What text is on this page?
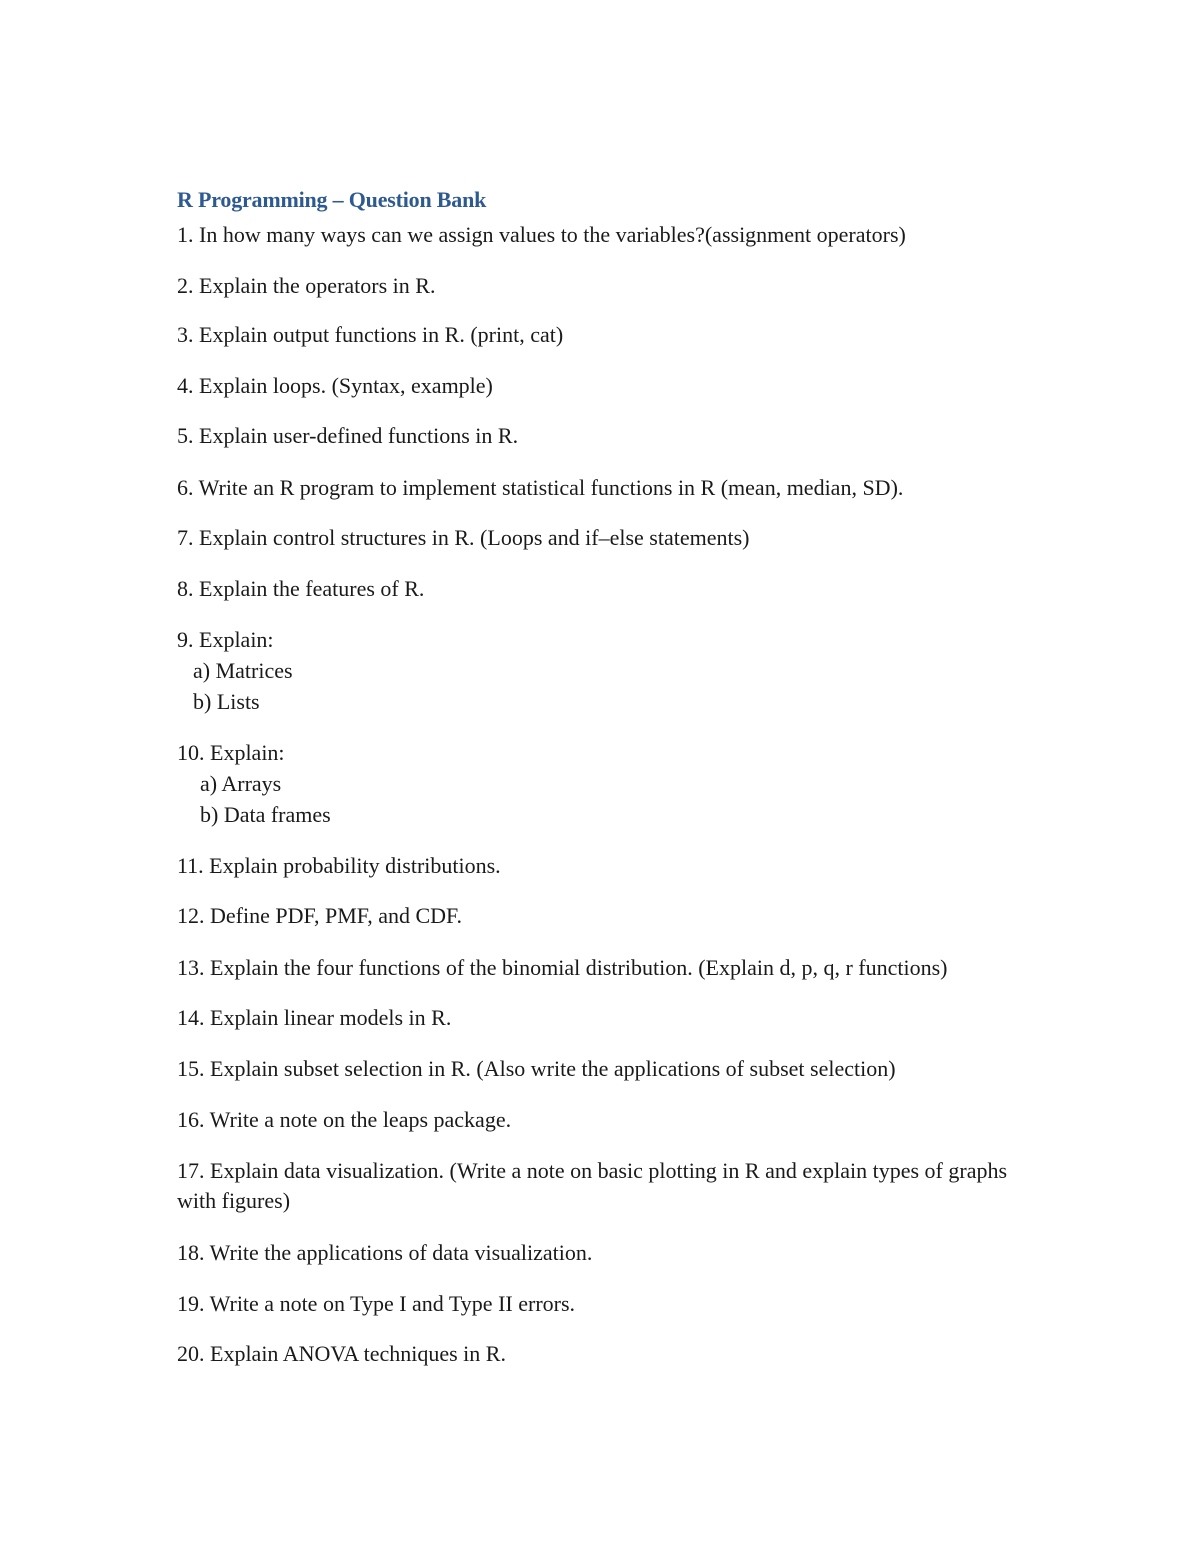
R Programming – Question Bank
1. In how many ways can we assign values to the variables?(assignment operators)
2. Explain the operators in R.
3. Explain output functions in R. (print, cat)
4. Explain loops. (Syntax, example)
5. Explain user-defined functions in R.
6. Write an R program to implement statistical functions in R (mean, median, SD).
7. Explain control structures in R. (Loops and if–else statements)
8. Explain the features of R.
9. Explain:
a) Matrices
b) Lists
10. Explain:
a) Arrays
b) Data frames
11. Explain probability distributions.
12. Define PDF, PMF, and CDF.
13. Explain the four functions of the binomial distribution. (Explain d, p, q, r functions)
14. Explain linear models in R.
15. Explain subset selection in R. (Also write the applications of subset selection)
16. Write a note on the leaps package.
17. Explain data visualization. (Write a note on basic plotting in R and explain types of graphs with figures)
18. Write the applications of data visualization.
19. Write a note on Type I and Type II errors.
20. Explain ANOVA techniques in R.
